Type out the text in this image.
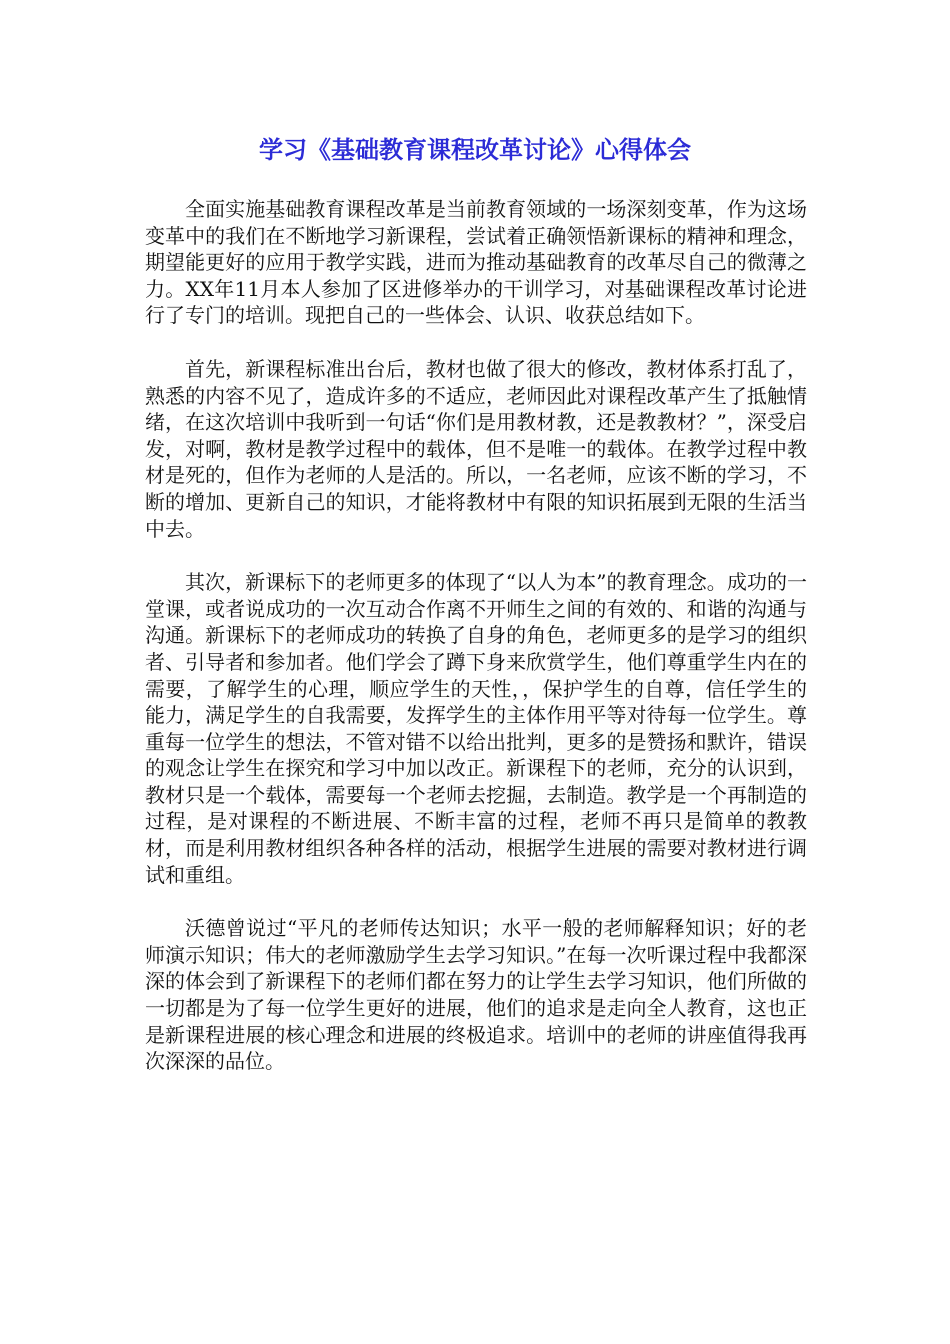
学习《基础教育课程改革讨论》心得体会

全面实施基础教育课程改革是当前教育领域的一场深刻变革，作为这场变革中的我们在不断地学习新课程，尝试着正确领悟新课标的精神和理念，期望能更好的应用于教学实践，进而为推动基础教育的改革尽自己的微薄之力。XX年11月本人参加了区进修举办的干训学习，对基础课程改革讨论进行了专门的培训。现把自己的一些体会、认识、收获总结如下。

首先，新课程标准出台后，教材也做了很大的修改，教材体系打乱了，熟悉的内容不见了，造成许多的不适应，老师因此对课程改革产生了抵触情绪，在这次培训中我听到一句话“你们是用教材教，还是教教材？”，深受启发，对啊，教材是教学过程中的载体，但不是唯一的载体。在教学过程中教材是死的，但作为老师的人是活的。所以，一名老师，应该不断的学习，不断的增加、更新自己的知识，才能将教材中有限的知识拓展到无限的生活当中去。

其次，新课标下的老师更多的体现了“以人为本”的教育理念。成功的一堂课，或者说成功的一次互动合作离不开师生之间的有效的、和谐的沟通与沟通。新课标下的老师成功的转换了自身的角色，老师更多的是学习的组织者、引导者和参加者。他们学会了蹲下身来欣赏学生，他们尊重学生内在的需要，了解学生的心理，顺应学生的天性，，保护学生的自尊，信任学生的能力，满足学生的自我需要，发挥学生的主体作用平等对待每一位学生。尊重每一位学生的想法，不管对错不以给出批判，更多的是赞扬和默许，错误的观念让学生在探究和学习中加以改正。新课程下的老师，充分的认识到，教材只是一个载体，需要每一个老师去挖掘，去制造。教学是一个再制造的过程，是对课程的不断进展、不断丰富的过程，老师不再只是简单的教教材，而是利用教材组织各种各样的活动，根据学生进展的需要对教材进行调试和重组。

沃德曾说过“平凡的老师传达知识；水平一般的老师解释知识；好的老师演示知识；伟大的老师激励学生去学习知识。”在每一次听课过程中我都深深的体会到了新课程下的老师们都在努力的让学生去学习知识，他们所做的一切都是为了每一位学生更好的进展，他们的追求是走向全人教育，这也正是新课程进展的核心理念和进展的终极追求。培训中的老师的讲座值得我再次深深的品位。
